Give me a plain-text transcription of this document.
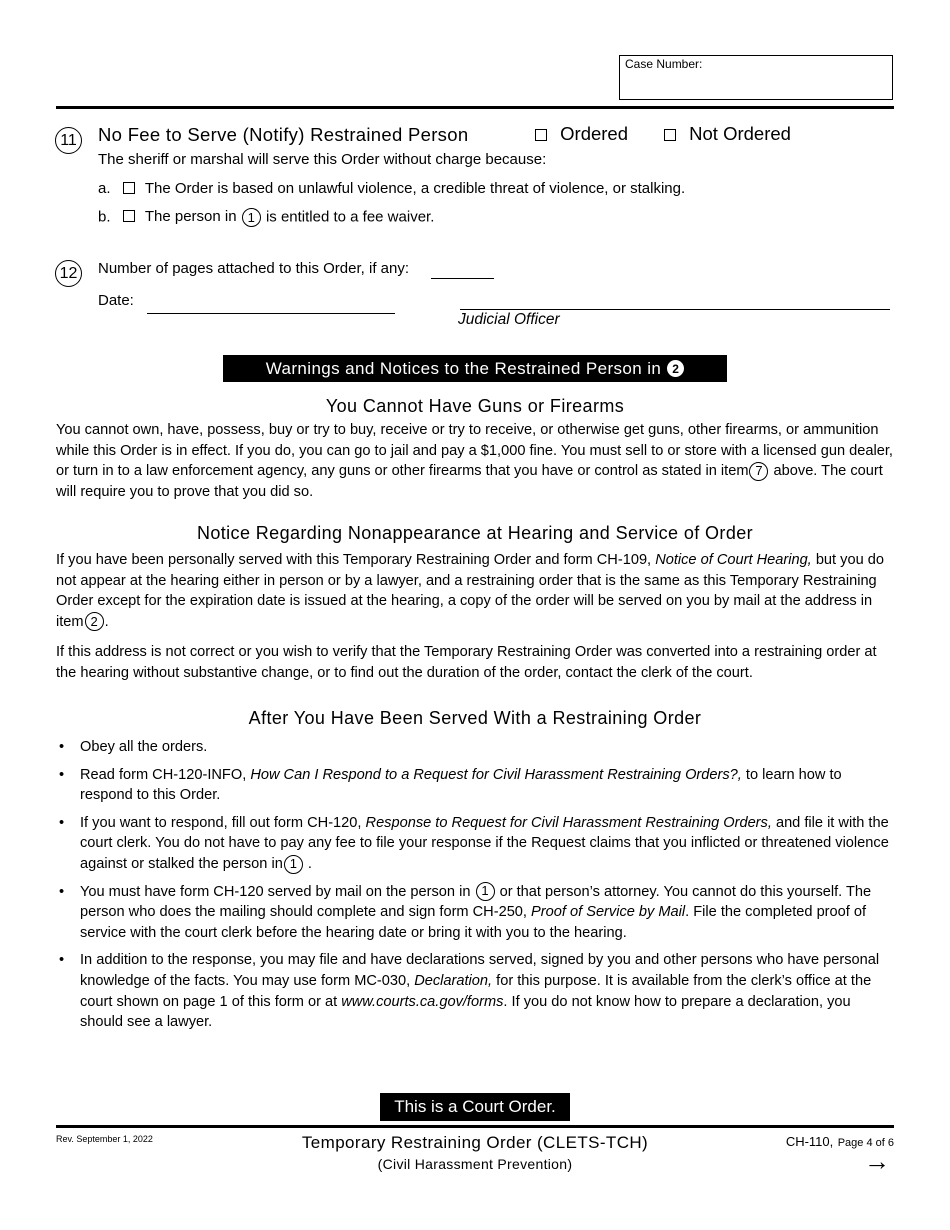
Case Number:
11 No Fee to Serve (Notify) Restrained Person	Ordered	Not Ordered
The sheriff or marshal will serve this Order without charge because:
a. The Order is based on unlawful violence, a credible threat of violence, or stalking.
b. The person in 1 is entitled to a fee waiver.
12	Number of pages attached to this Order, if any:
Date:
Judicial Officer
Warnings and Notices to the Restrained Person in 2
You Cannot Have Guns or Firearms

You cannot own, have, possess, buy or try to buy, receive or try to receive, or otherwise get guns, other firearms, or ammunition while this Order is in effect. If you do, you can go to jail and pay a $1,000 fine. You must sell to or store with a licensed gun dealer, or turn in to a law enforcement agency, any guns or other firearms that you have or control as stated in item 7 above. The court will require you to prove that you did so.

Notice Regarding Nonappearance at Hearing and Service of Order

If you have been personally served with this Temporary Restraining Order and form CH-109, Notice of Court Hearing, but you do not appear at the hearing either in person or by a lawyer, and a restraining order that is the same as this Temporary Restraining Order except for the expiration date is issued at the hearing, a copy of the order will be served on you by mail at the address in item 2 .

If this address is not correct or you wish to verify that the Temporary Restraining Order was converted into a restraining order at the hearing without substantive change, or to find out the duration of the order, contact the clerk of the court.

After You Have Been Served With a Restraining Order
• Obey all the orders.
• Read form CH-120-INFO, How Can I Respond to a Request for Civil Harassment Restraining Orders?, to learn how to respond to this Order.
• If you want to respond, fill out form CH-120, Response to Request for Civil Harassment Restraining Orders, and file it with the court clerk. You do not have to pay any fee to file your response if the Request claims that you inflicted or threatened violence against or stalked the person in 1 .
• You must have form CH-120 served by mail on the person in 1 or that person’s attorney. You cannot do this yourself. The person who does the mailing should complete and sign form CH-250, Proof of Service by Mail. File the completed proof of service with the court clerk before the hearing date or bring it with you to the hearing.
• In addition to the response, you may file and have declarations served, signed by you and other persons who have personal knowledge of the facts. You may use form MC-030, Declaration, for this purpose. It is available from the clerk’s office at the court shown on page 1 of this form or at www.courts.ca.gov/forms. If you do not know how to prepare a declaration, you should see a lawyer.
This is a Court Order.
Rev. September 1, 2022	Temporary Restraining Order (CLETS-TCH)
(Civil Harassment Prevention)
CH-110, Page 4 of 6
→
